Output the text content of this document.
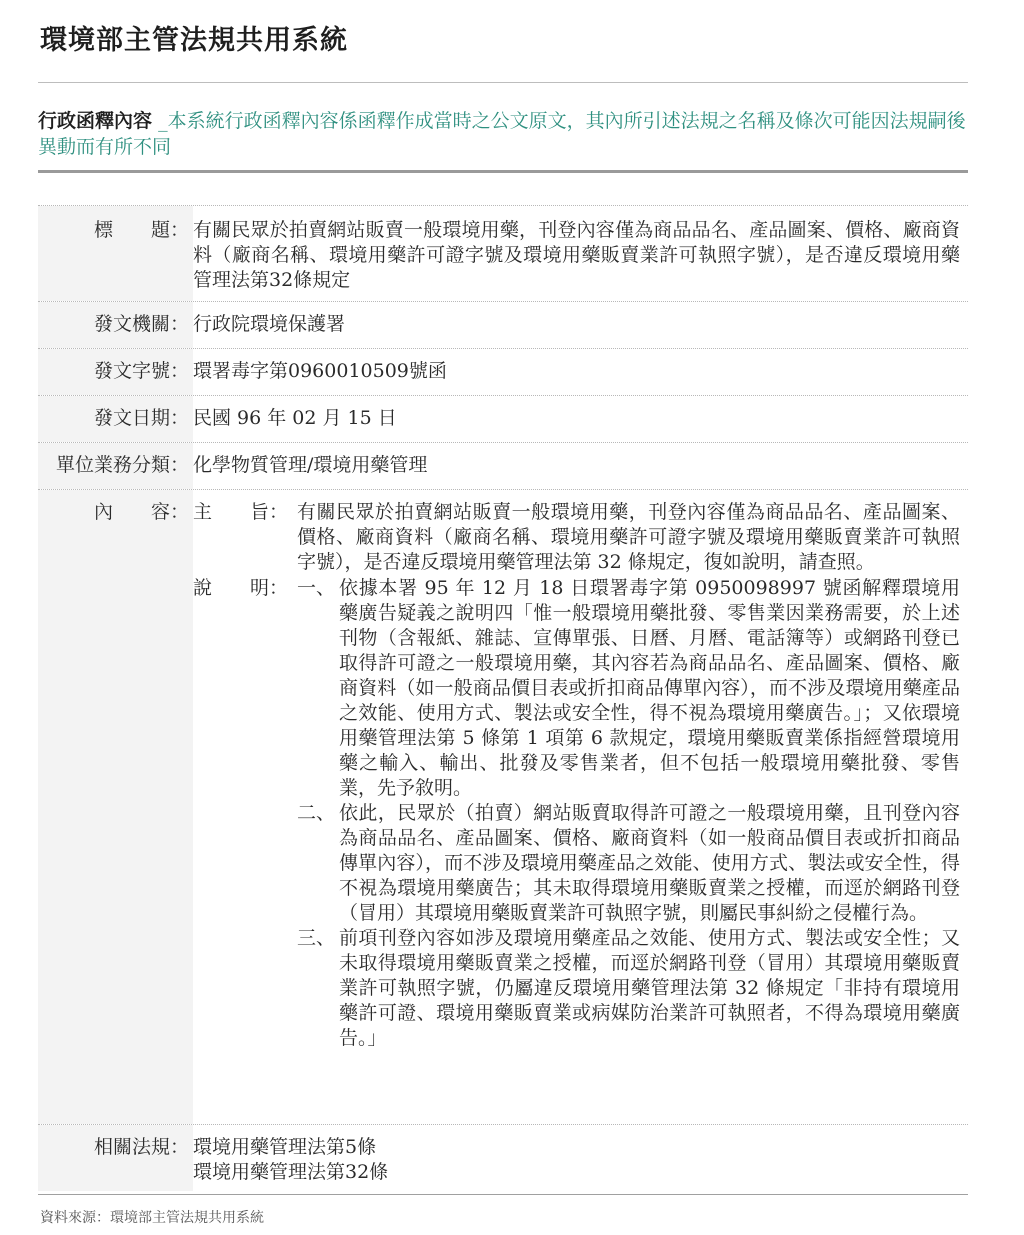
環境部主管法規共用系統
行政函釋內容 _本系統行政函釋內容係函釋作成當時之公文原文，其內所引述法規之名稱及條次可能因法規嗣後異動而有所不同
標　　題： 有關民眾於拍賣網站販賣一般環境用藥，刊登內容僅為商品品名、產品圖案、價格、廠商資料（廠商名稱、環境用藥許可證字號及環境用藥販賣業許可執照字號），是否違反環境用藥管理法第32條規定
發文機關： 行政院環境保護署
發文字號： 環署毒字第0960010509號函
發文日期： 民國 96 年 02 月 15 日
單位業務分類： 化學物質管理/環境用藥管理
內　　容： 主　　旨： 有關民眾於拍賣網站販賣一般環境用藥，刊登內容僅為商品品名、產品圖案、價格、廠商資料（廠商名稱、環境用藥許可證字號及環境用藥販賣業許可執照字號），是否違反環境用藥管理法第 32 條規定，復如說明，請查照。
說　　明： 一、 依據本署 95 年 12 月 18 日環署毒字第 0950098997 號函解釋環境用藥廣告疑義之說明四「惟一般環境用藥批發、零售業因業務需要，於上述刊物（含報紙、雜誌、宣傳單張、日曆、月曆、電話簿等）或網路刊登已取得許可證之一般環境用藥，其內容若為商品品名、產品圖案、價格、廠商資料（如一般商品價目表或折扣商品傳單內容），而不涉及環境用藥產品之效能、使用方式、製法或安全性，得不視為環境用藥廣告。」；又依環境用藥管理法第 5 條第 1 項第 6 款規定，環境用藥販賣業係指經營環境用藥之輸入、輸出、批發及零售業者，但不包括一般環境用藥批發、零售業，先予敘明。
二、 依此，民眾於（拍賣）網站販賣取得許可證之一般環境用藥，且刊登內容為商品品名、產品圖案、價格、廠商資料（如一般商品價目表或折扣商品傳單內容），而不涉及環境用藥產品之效能、使用方式、製法或安全性，得不視為環境用藥廣告；其未取得環境用藥販賣業之授權，而逕於網路刊登（冒用）其環境用藥販賣業許可執照字號，則屬民事糾紛之侵權行為。
三、 前項刊登內容如涉及環境用藥產品之效能、使用方式、製法或安全性；又未取得環境用藥販賣業之授權，而逕於網路刊登（冒用）其環境用藥販賣業許可執照字號，仍屬違反環境用藥管理法第 32 條規定「非持有環境用藥許可證、環境用藥販賣業或病媒防治業許可執照者，不得為環境用藥廣告。」
相關法規： 環境用藥管理法第5條
環境用藥管理法第32條
資料來源：環境部主管法規共用系統
